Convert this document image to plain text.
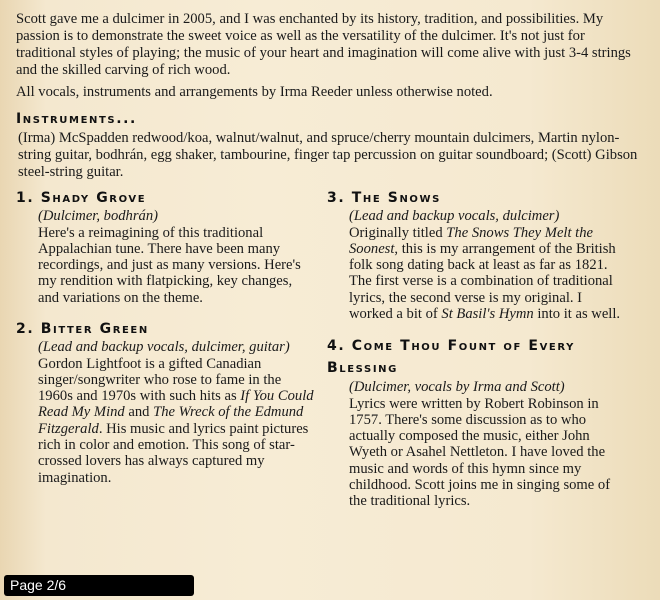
Scott gave me a dulcimer in 2005, and I was enchanted by its history, tradition, and possibilities. My passion is to demonstrate the sweet voice as well as the versatility of the dulcimer. It's not just for traditional styles of playing; the music of your heart and imagination will come alive with just 3-4 strings and the skilled carving of rich wood.

All vocals, instruments and arrangements by Irma Reeder unless otherwise noted.

Instruments...

(Irma) McSpadden redwood/koa, walnut/walnut, and spruce/cherry mountain dulcimers, Martin nylon-string guitar, bodhrán, egg shaker, tambourine, finger tap percussion on guitar soundboard; (Scott) Gibson steel-string guitar.

1. Shady Grove

(Dulcimer, bodhrán)

Here's a reimagining of this traditional Appalachian tune. There have been many recordings, and just as many versions. Here's my rendition with flatpicking, key changes, and variations on the theme.

2. Bitter Green

(Lead and backup vocals, dulcimer, guitar)

Gordon Lightfoot is a gifted Canadian singer/songwriter who rose to fame in the 1960s and 1970s with such hits as If You Could Read My Mind and The Wreck of the Edmund Fitzgerald. His music and lyrics paint pictures rich in color and emotion. This song of star-crossed lovers has always captured my imagination.

3. The Snows

(Lead and backup vocals, dulcimer)

Originally titled The Snows They Melt the Soonest, this is my arrangement of the British folk song dating back at least as far as 1821. The first verse is a combination of traditional lyrics, the second verse is my original. I worked a bit of St Basil's Hymn into it as well.

4. Come Thou Fount of Every Blessing

(Dulcimer, vocals by Irma and Scott)

Lyrics were written by Robert Robinson in 1757. There's some discussion as to who actually composed the music, either John Wyeth or Asahel Nettleton. I have loved the music and words of this hymn since my childhood. Scott joins me in singing some of the traditional lyrics.

Page 2/6
